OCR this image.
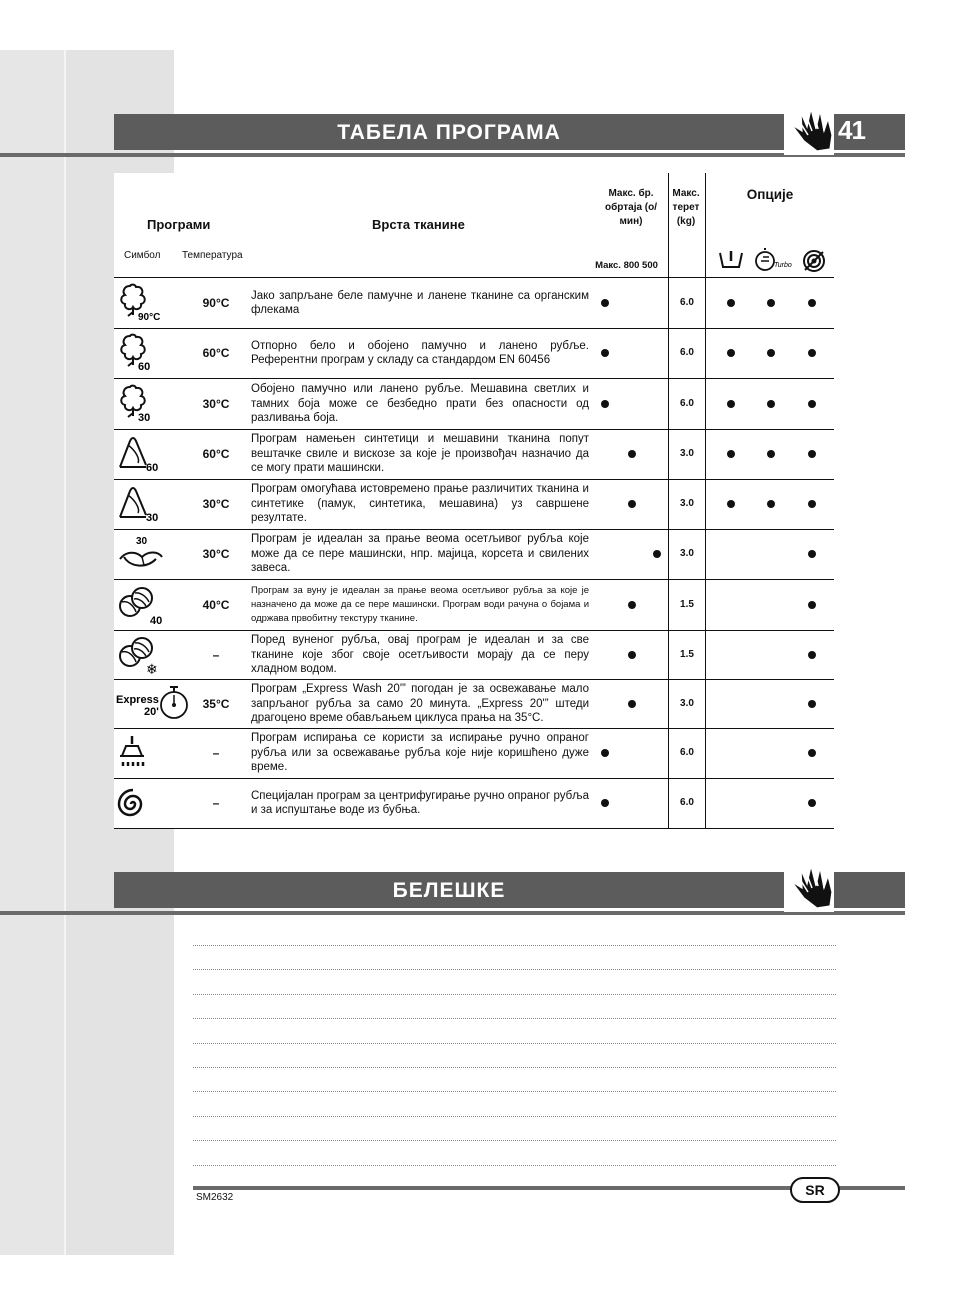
ТАБЕЛА ПРОГРАМА	41
Програми	Врста тканине
Симбол Температура
Макс. бр. обртаја (о/мин)
Макс. 800 500
Макс. терет (kg)
Опције
Turbo
90°C
90°C
Јако запрљане беле памучне и ланене тканине са органским флекама
6.0
60
60°C
Отпорно бело и обојено памучно и ланено рубље. Референтни програм у складу са стандардом EN 60456
6.0
30
30°C
Обојено памучно или ланено рубље. Мешавина светлих и тамних боја може се безбедно прати без опасности од разливања боја.
6.0
60
60°C
Програм намењен синтетици и мешавини тканина попут вештачке свиле и вискозе за које је произвођач назначио да се могу прати машински.
3.0
30
30°C
Програм омогућава истовремено прање различитих тканина и синтетике (памук, синтетика, мешавина) уз савршене резултате.
3.0
30
30°C
Програм је идеалан за прање веома осетљивог рубља које може да се пере машински, нпр. мајица, корсета и свилених завеса.
3.0
40
40°C
Програм за вуну је идеалан за прање веома осетљивог рубља за које је назначено да може да се пере машински. Програм води рачуна о бојама и одржава првобитну текстуру тканине.
1.5
❄
–
Поред вуненог рубља, овај програм је идеалан и за све тканине које због своје осетљивости морају да се перу хладном водом.
1.5
Express
20'
35°C
Програм „Express Wash 20'” погодан је за освежавање мало запрљаног рубља за само 20 минута. „Express 20'” штеди драгоцено време обављањем циклуса прања на 35°C.
3.0
–
Програм испирања се користи за испирање ручно опраног рубља или за освежавање рубља које није коришћено дуже време.
6.0
–
Специјалан програм за центрифугирање ручно опраног рубља и за испуштање воде из бубња.
6.0
БЕЛЕШКЕ
SR
SM2632
